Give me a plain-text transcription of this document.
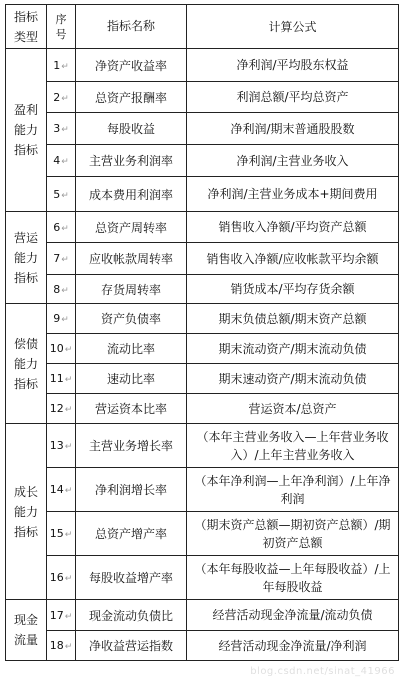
指标类型	序号	指标名称	计算公式
盈利能力指标	1↵	净资产收益率	净利润/平均股东权益
	2↵	总资产报酬率	利润总额/平均总资产
	3↵	每股收益	净利润/期末普通股股数
	4↵	主营业务利润率	净利润/主营业务收入
	5↵	成本费用利润率	净利润/主营业务成本+期间费用
营运能力指标	6↵	总资产周转率	销售收入净额/平均资产总额
	7↵	应收帐款周转率	销售收入净额/应收帐款平均余额
	8↵	存货周转率	销货成本/平均存货余额
偿债能力指标	9↵	资产负债率	期末负债总额/期末资产总额
	10↵	流动比率	期末流动资产/期末流动负债
	11↵	速动比率	期末速动资产/期末流动负债
	12↵	营运资本比率	营运资本/总资产
成长能力指标	13↵	主营业务增长率	（本年主营业务收入—上年营业务收入）/上年主营业务收入
	14↵	净利润增长率	（本年净利润—上年净利润）/上年净利润
	15↵	总资产增产率	（期末资产总额—期初资产总额）/期初资产总额
	16↵	每股收益增产率	（本年每股收益—上年每股收益）/上年每股收益
现金流量	17↵	现金流动负债比	经营活动现金净流量/流动负债
	18↵	净收益营运指数	经营活动现金净流量/净利润
blog.csdn.net/sinat_41966
